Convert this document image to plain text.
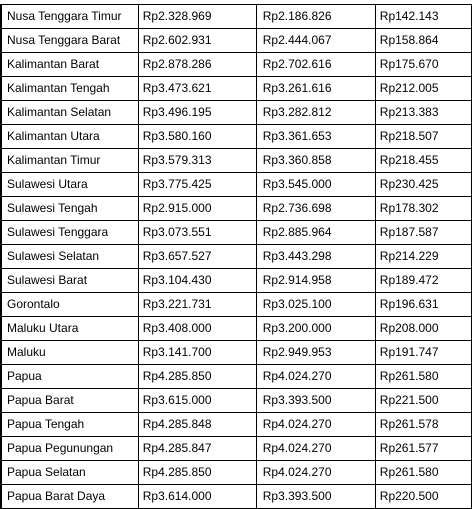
Nusa Tenggara Timur	Rp2.328.969	Rp2.186.826	Rp142.143
Nusa Tenggara Barat	Rp2.602.931	Rp2.444.067	Rp158.864
Kalimantan Barat	Rp2.878.286	Rp2.702.616	Rp175.670
Kalimantan Tengah	Rp3.473.621	Rp3.261.616	Rp212.005
Kalimantan Selatan	Rp3.496.195	Rp3.282.812	Rp213.383
Kalimantan Utara	Rp3.580.160	Rp3.361.653	Rp218.507
Kalimantan Timur	Rp3.579.313	Rp3.360.858	Rp218.455
Sulawesi Utara	Rp3.775.425	Rp3.545.000	Rp230.425
Sulawesi Tengah	Rp2.915.000	Rp2.736.698	Rp178.302
Sulawesi Tenggara	Rp3.073.551	Rp2.885.964	Rp187.587
Sulawesi Selatan	Rp3.657.527	Rp3.443.298	Rp214.229
Sulawesi Barat	Rp3.104.430	Rp2.914.958	Rp189.472
Gorontalo	Rp3.221.731	Rp3.025.100	Rp196.631
Maluku Utara	Rp3.408.000	Rp3.200.000	Rp208.000
Maluku	Rp3.141.700	Rp2.949.953	Rp191.747
Papua	Rp4.285.850	Rp4.024.270	Rp261.580
Papua Barat	Rp3.615.000	Rp3.393.500	Rp221.500
Papua Tengah	Rp4.285.848	Rp4.024.270	Rp261.578
Papua Pegunungan	Rp4.285.847	Rp4.024.270	Rp261.577
Papua Selatan	Rp4.285.850	Rp4.024.270	Rp261.580
Papua Barat Daya	Rp3.614.000	Rp3.393.500	Rp220.500
